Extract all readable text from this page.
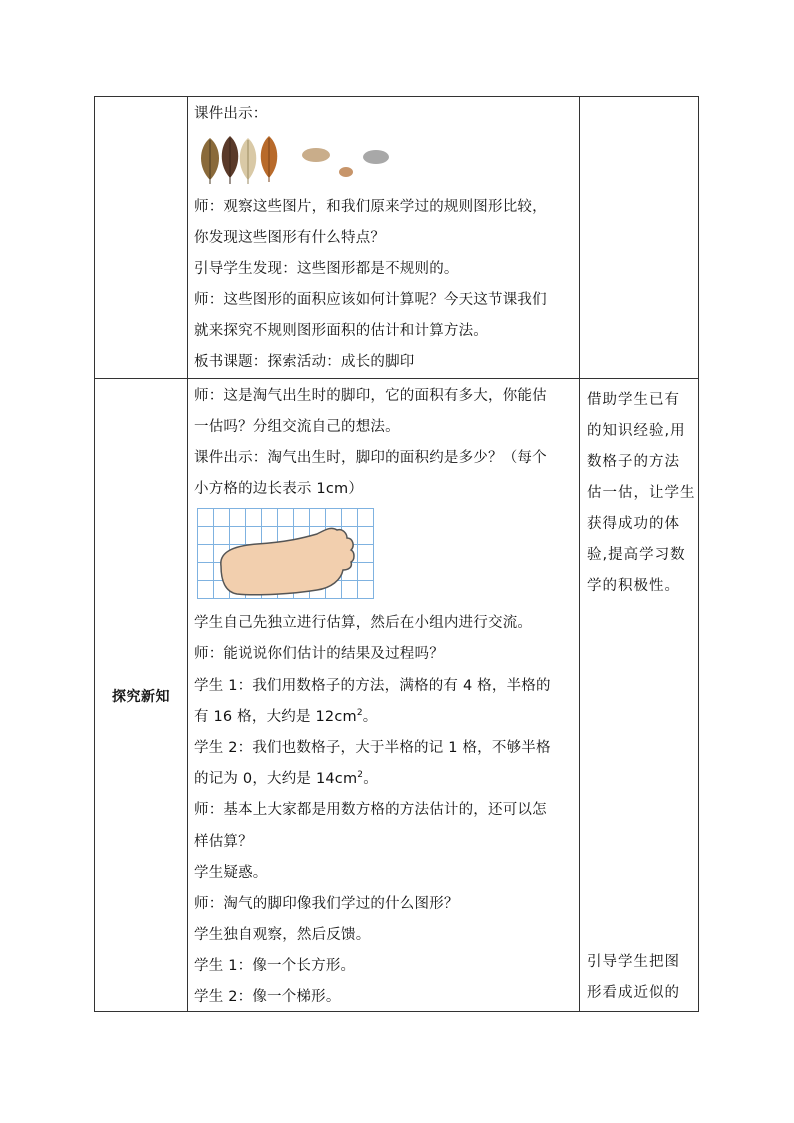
课件出示：
师：观察这些图片，和我们原来学过的规则图形比较，
你发现这些图形有什么特点？
引导学生发现：这些图形都是不规则的。
师：这些图形的面积应该如何计算呢？今天这节课我们
就来探究不规则图形面积的估计和计算方法。
板书课题：探索活动：成长的脚印
师：这是淘气出生时的脚印，它的面积有多大，你能估
一估吗？分组交流自己的想法。
课件出示：淘气出生时，脚印的面积约是多少？（每个
小方格的边长表示 1cm）
学生自己先独立进行估算，然后在小组内进行交流。
师：能说说你们估计的结果及过程吗？
学生 1：我们用数格子的方法，满格的有 4 格，半格的
有 16 格，大约是 $12cm^2$。
学生 2：我们也数格子，大于半格的记 1 格，不够半格
的记为 0，大约是 $14cm^2$。
师：基本上大家都是用数方格的方法估计的，还可以怎
样估算？
学生疑惑。
师：淘气的脚印像我们学过的什么图形？
学生独自观察，然后反馈。
学生 1：像一个长方形。
学生 2：像一个梯形。
探究新知
借助学生已有
的知识经验,用
数格子的方法
估一估，让学生
获得成功的体
验,提高学习数
学的积极性。
引导学生把图
形看成近似的
